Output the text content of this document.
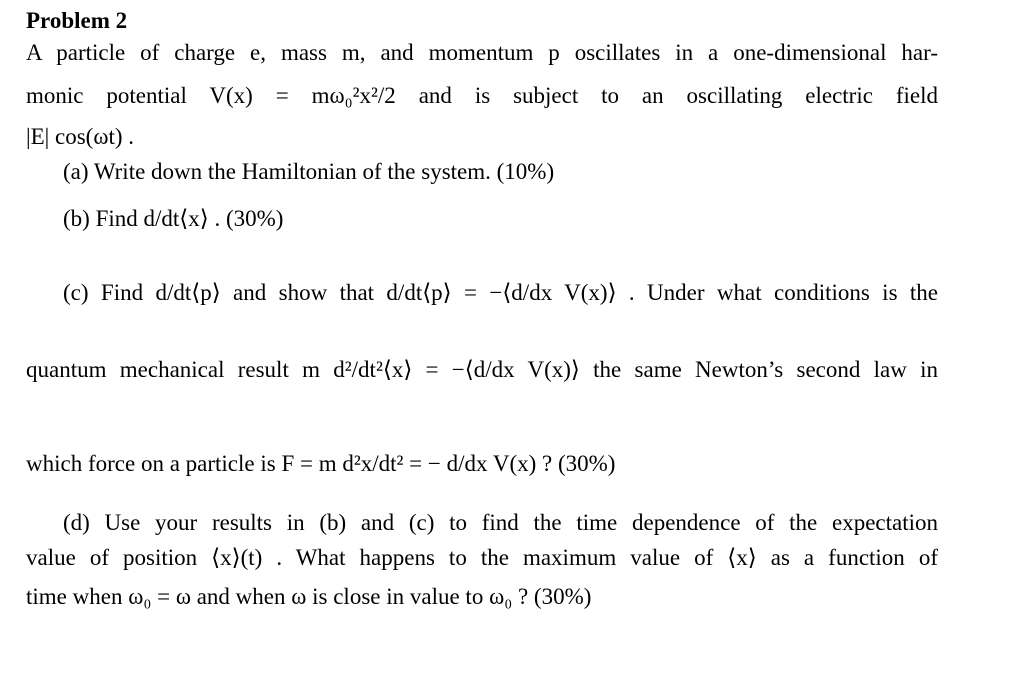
Problem 2
A particle of charge e, mass m, and momentum p oscillates in a one-dimensional har-
monic potential V(x) = mω₀²x²/2 and is subject to an oscillating electric field
|E| cos(ωt) .
(a) Write down the Hamiltonian of the system. (10%)
(b) Find d/dt⟨x⟩ . (30%)
(c) Find d/dt⟨p⟩ and show that d/dt⟨p⟩ = −⟨d/dx V(x)⟩ . Under what conditions is the
quantum mechanical result m d²/dt²⟨x⟩ = −⟨d/dx V(x)⟩ the same Newton’s second law in
which force on a particle is F = m d²x/dt² = − d/dx V(x) ? (30%)
(d) Use your results in (b) and (c) to find the time dependence of the expectation
value of position ⟨x⟩(t) . What happens to the maximum value of ⟨x⟩ as a function of
time when ω₀ = ω and when ω is close in value to ω₀ ? (30%)
